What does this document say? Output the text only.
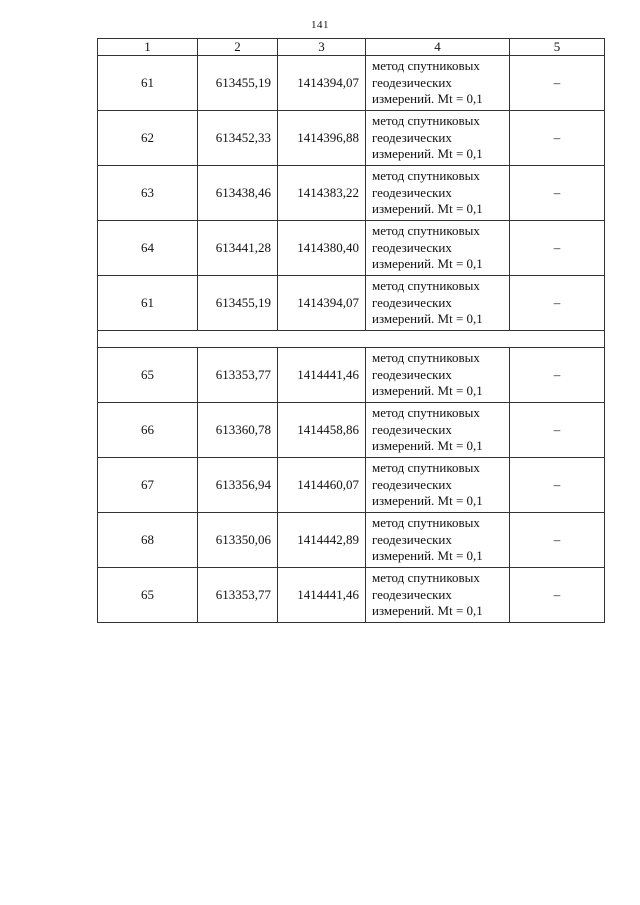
141
1	2	3	4	5
61	613455,19	1414394,07	метод спутниковых
геодезических
измерений. Mt = 0,1	–
62	613452,33	1414396,88	метод спутниковых
геодезических
измерений. Mt = 0,1	–
63	613438,46	1414383,22	метод спутниковых
геодезических
измерений. Mt = 0,1	–
64	613441,28	1414380,40	метод спутниковых
геодезических
измерений. Mt = 0,1	–
61	613455,19	1414394,07	метод спутниковых
геодезических
измерений. Mt = 0,1	–

65	613353,77	1414441,46	метод спутниковых
геодезических
измерений. Mt = 0,1	–
66	613360,78	1414458,86	метод спутниковых
геодезических
измерений. Mt = 0,1	–
67	613356,94	1414460,07	метод спутниковых
геодезических
измерений. Mt = 0,1	–
68	613350,06	1414442,89	метод спутниковых
геодезических
измерений. Mt = 0,1	–
65	613353,77	1414441,46	метод спутниковых
геодезических
измерений. Mt = 0,1	–
